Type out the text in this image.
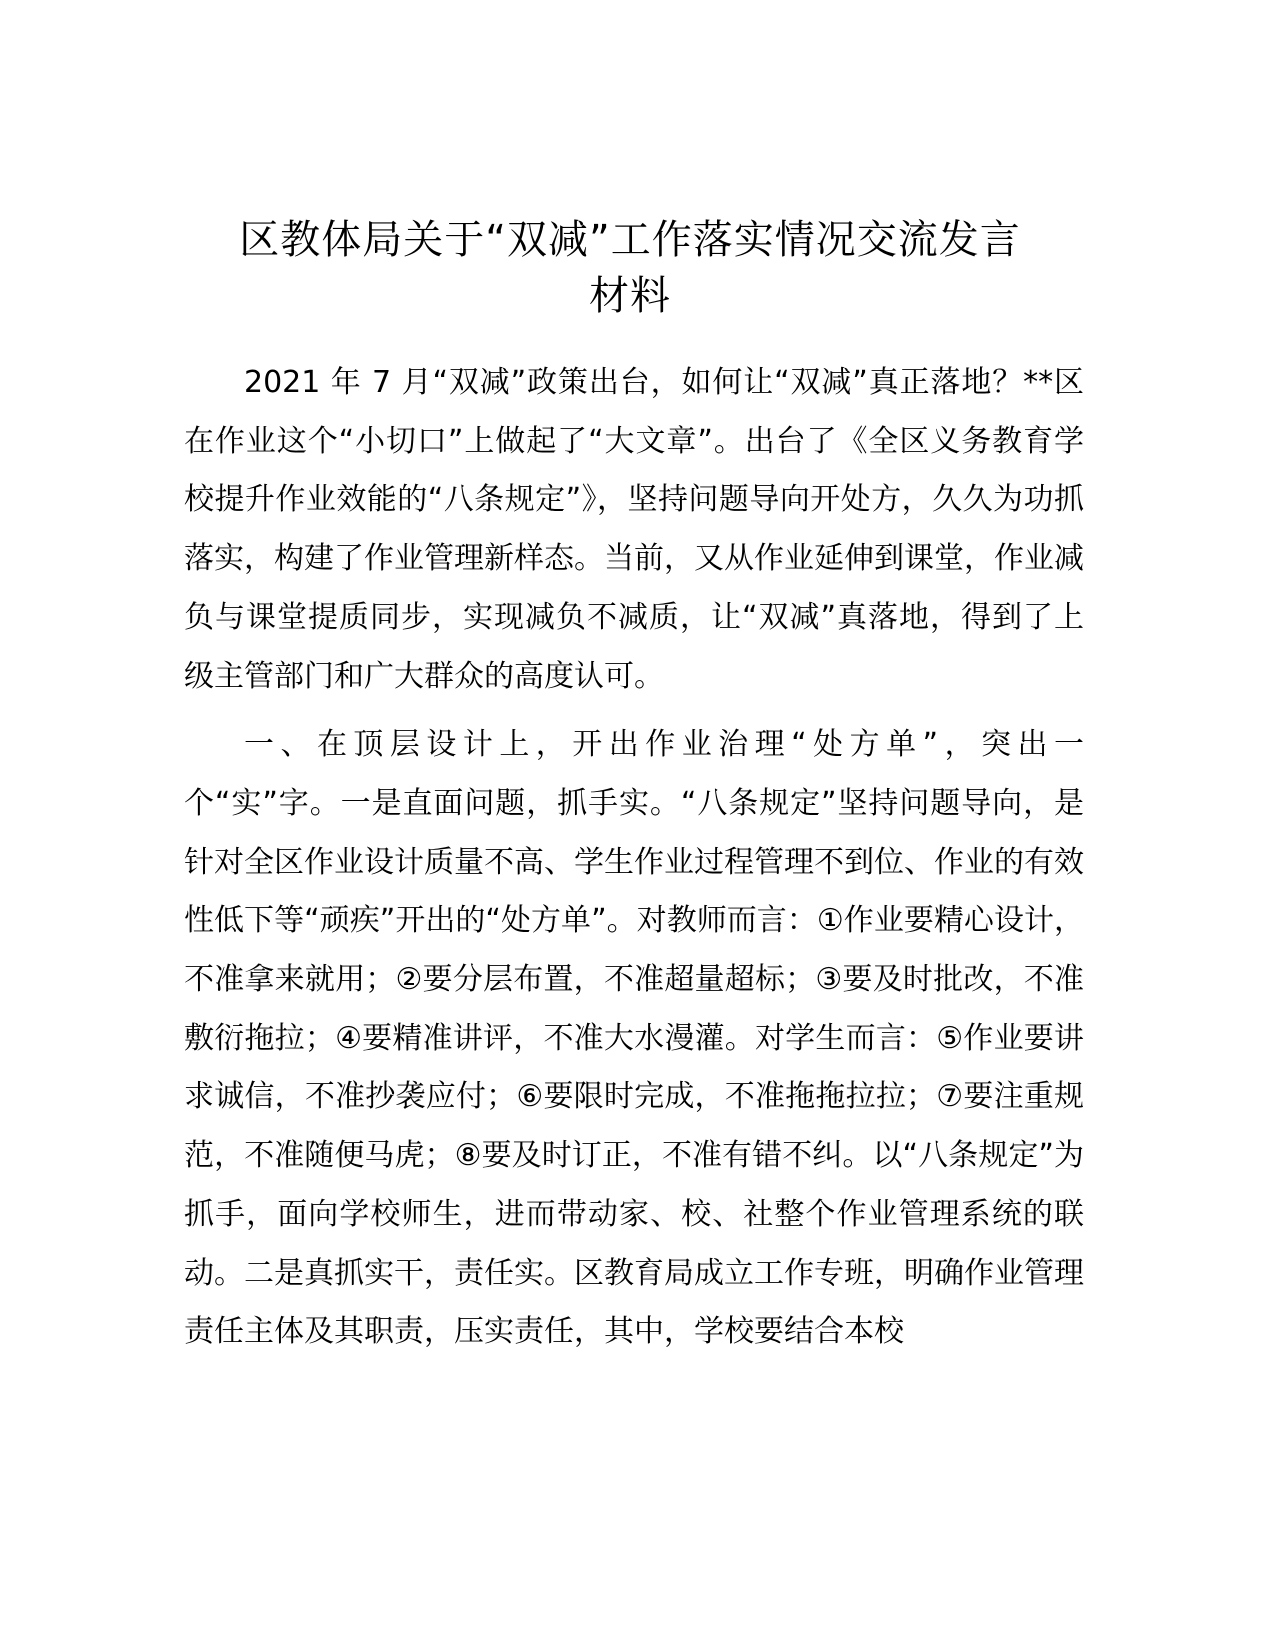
区教体局关于“双减”工作落实情况交流发言
材料

2021 年 7 月“双减”政策出台，如何让“双减”真正落地？**区在作业这个“小切口”上做起了“大文章”。出台了《全区义务教育学校提升作业效能的“八条规定”》，坚持问题导向开处方，久久为功抓落实，构建了作业管理新样态。当前，又从作业延伸到课堂，作业减负与课堂提质同步，实现减负不减质，让“双减”真落地，得到了上级主管部门和广大群众的高度认可。

一、在顶层设计上，开出作业治理“处方单”，突出一个“实”字。一是直面问题，抓手实。“八条规定”坚持问题导向，是针对全区作业设计质量不高、学生作业过程管理不到位、作业的有效性低下等“顽疾”开出的“处方单”。对教师而言：①作业要精心设计，不准拿来就用；②要分层布置，不准超量超标；③要及时批改，不准敷衍拖拉；④要精准讲评，不准大水漫灌。对学生而言：⑤作业要讲求诚信，不准抄袭应付；⑥要限时完成，不准拖拖拉拉；⑦要注重规范，不准随便马虎；⑧要及时订正，不准有错不纠。以“八条规定”为抓手，面向学校师生，进而带动家、校、社整个作业管理系统的联动。二是真抓实干，责任实。区教育局成立工作专班，明确作业管理责任主体及其职责，压实责任，其中，学校要结合本校
